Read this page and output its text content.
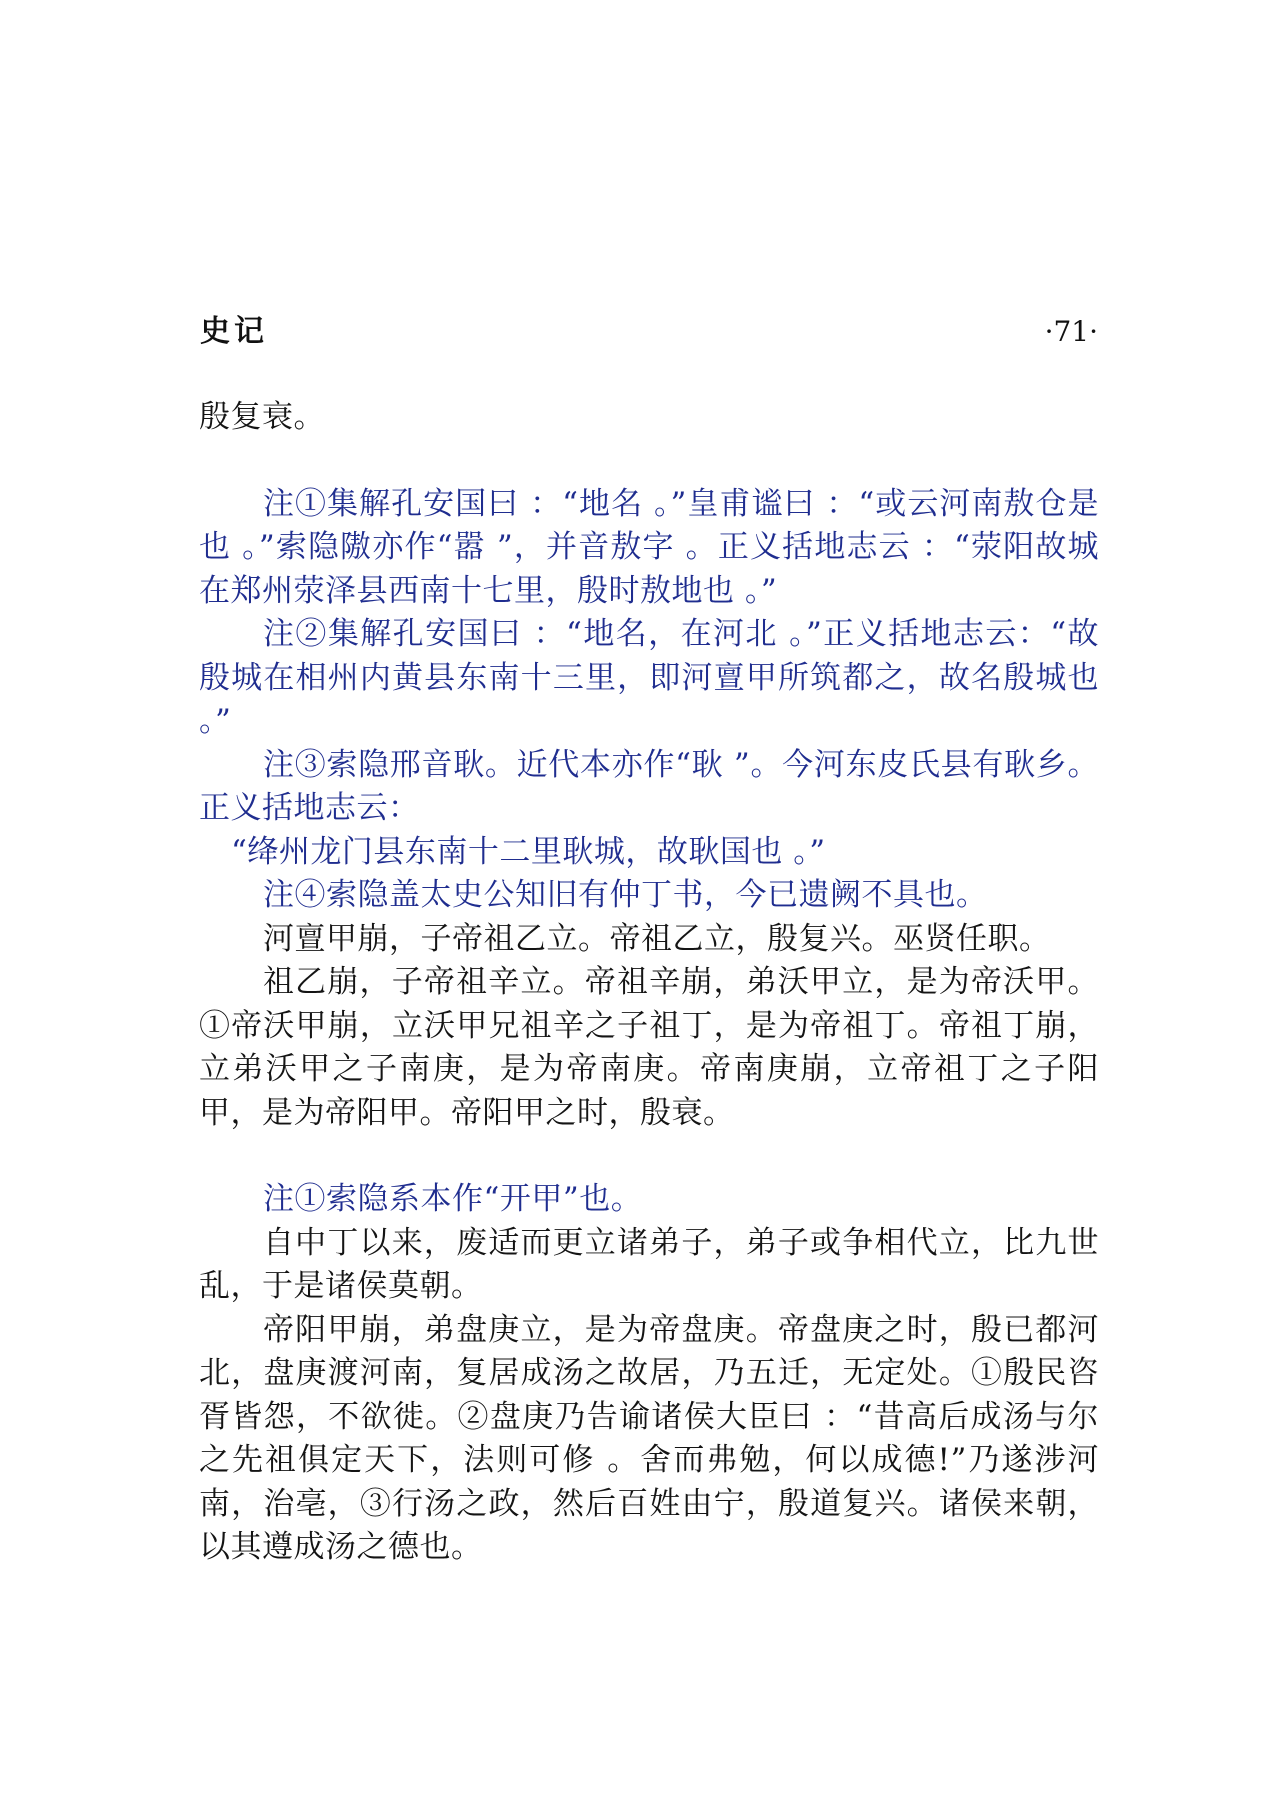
史记	·71·

殷复衰。

注①集解孔安国曰 ：“地名 。”皇甫谧曰 ：“或云河南敖仓是也 。”索隐隞亦作“嚣 ”，并音敖字 。正义括地志云 ：“荥阳故城在郑州荥泽县西南十七里，殷时敖地也 。”

注②集解孔安国曰 ：“地名，在河北 。”正义括地志云：“故殷城在相州内黄县东南十三里，即河亶甲所筑都之，故名殷城也 。”

注③索隐邢音耿。近代本亦作“耿 ”。今河东皮氏县有耿乡。正义括地志云：

“绛州龙门县东南十二里耿城，故耿国也 。”

注④索隐盖太史公知旧有仲丁书，今已遗阙不具也。

河亶甲崩，子帝祖乙立。帝祖乙立，殷复兴。巫贤任职。

祖乙崩，子帝祖辛立。帝祖辛崩，弟沃甲立，是为帝沃甲。①帝沃甲崩，立沃甲兄祖辛之子祖丁，是为帝祖丁。帝祖丁崩，立弟沃甲之子南庚，是为帝南庚。帝南庚崩，立帝祖丁之子阳甲，是为帝阳甲。帝阳甲之时，殷衰。

注①索隐系本作“开甲”也。

自中丁以来，废适而更立诸弟子，弟子或争相代立，比九世乱，于是诸侯莫朝。

帝阳甲崩，弟盘庚立，是为帝盘庚。帝盘庚之时，殷已都河北，盘庚渡河南，复居成汤之故居，乃五迁，无定处。①殷民咨胥皆怨，不欲徙。②盘庚乃告谕诸侯大臣曰 ：“昔高后成汤与尔之先祖俱定天下，法则可修 。舍而弗勉，何以成德!”乃遂涉河南，治亳，③行汤之政，然后百姓由宁，殷道复兴。诸侯来朝，以其遵成汤之德也。
